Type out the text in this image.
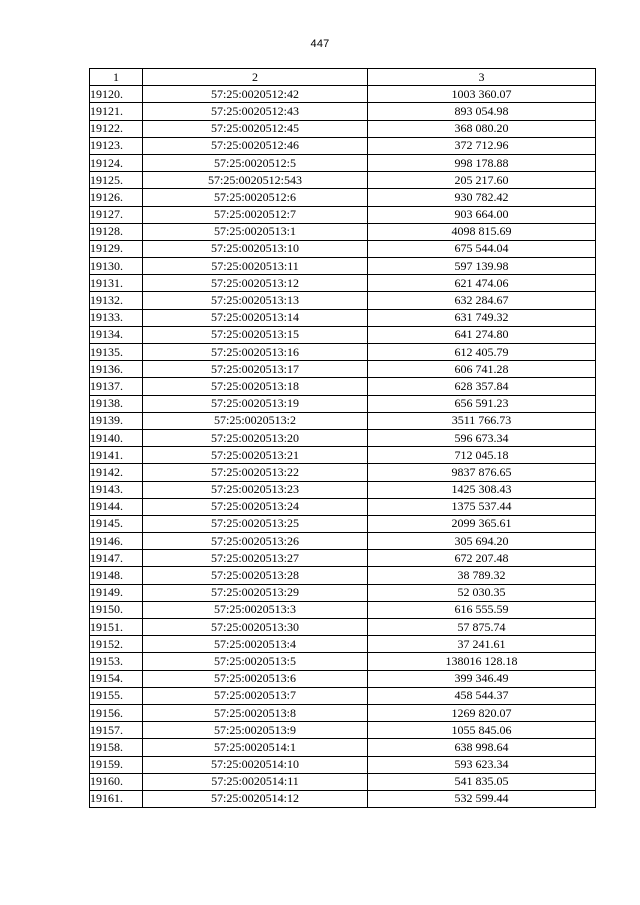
447
1	2	3
19120.	57:25:0020512:42	1003 360.07
19121.	57:25:0020512:43	893 054.98
19122.	57:25:0020512:45	368 080.20
19123.	57:25:0020512:46	372 712.96
19124.	57:25:0020512:5	998 178.88
19125.	57:25:0020512:543	205 217.60
19126.	57:25:0020512:6	930 782.42
19127.	57:25:0020512:7	903 664.00
19128.	57:25:0020513:1	4098 815.69
19129.	57:25:0020513:10	675 544.04
19130.	57:25:0020513:11	597 139.98
19131.	57:25:0020513:12	621 474.06
19132.	57:25:0020513:13	632 284.67
19133.	57:25:0020513:14	631 749.32
19134.	57:25:0020513:15	641 274.80
19135.	57:25:0020513:16	612 405.79
19136.	57:25:0020513:17	606 741.28
19137.	57:25:0020513:18	628 357.84
19138.	57:25:0020513:19	656 591.23
19139.	57:25:0020513:2	3511 766.73
19140.	57:25:0020513:20	596 673.34
19141.	57:25:0020513:21	712 045.18
19142.	57:25:0020513:22	9837 876.65
19143.	57:25:0020513:23	1425 308.43
19144.	57:25:0020513:24	1375 537.44
19145.	57:25:0020513:25	2099 365.61
19146.	57:25:0020513:26	305 694.20
19147.	57:25:0020513:27	672 207.48
19148.	57:25:0020513:28	38 789.32
19149.	57:25:0020513:29	52 030.35
19150.	57:25:0020513:3	616 555.59
19151.	57:25:0020513:30	57 875.74
19152.	57:25:0020513:4	37 241.61
19153.	57:25:0020513:5	138016 128.18
19154.	57:25:0020513:6	399 346.49
19155.	57:25:0020513:7	458 544.37
19156.	57:25:0020513:8	1269 820.07
19157.	57:25:0020513:9	1055 845.06
19158.	57:25:0020514:1	638 998.64
19159.	57:25:0020514:10	593 623.34
19160.	57:25:0020514:11	541 835.05
19161.	57:25:0020514:12	532 599.44
